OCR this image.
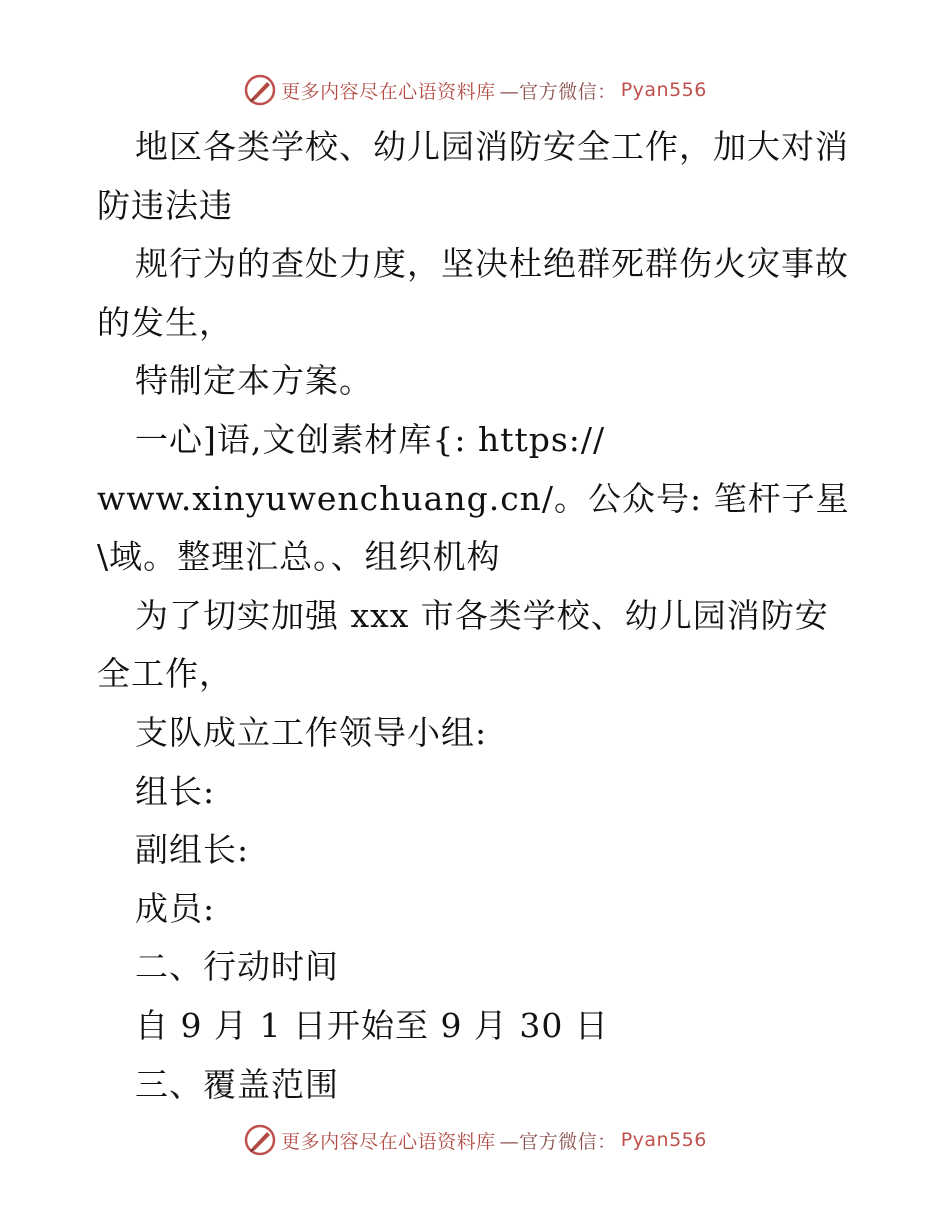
更多内容尽在心语资料库 —官方微信： Pyan556
地区各类学校、幼儿园消防安全工作，加大对消
防违法违
规行为的查处力度，坚决杜绝群死群伤火灾事故
的发生，
特制定本方案。
一心]语,文创素材库{: https://
www.xinyuwenchuang.cn/。公众号: 笔杆子星
\域。整理汇总。、组织机构
为了切实加强 xxx 市各类学校、幼儿园消防安
全工作，
支队成立工作领导小组:
组长:
副组长:
成员:
二、行动时间
自 9 月 1 日开始至 9 月 30 日
三、覆盖范围
更多内容尽在心语资料库 —官方微信： Pyan556
